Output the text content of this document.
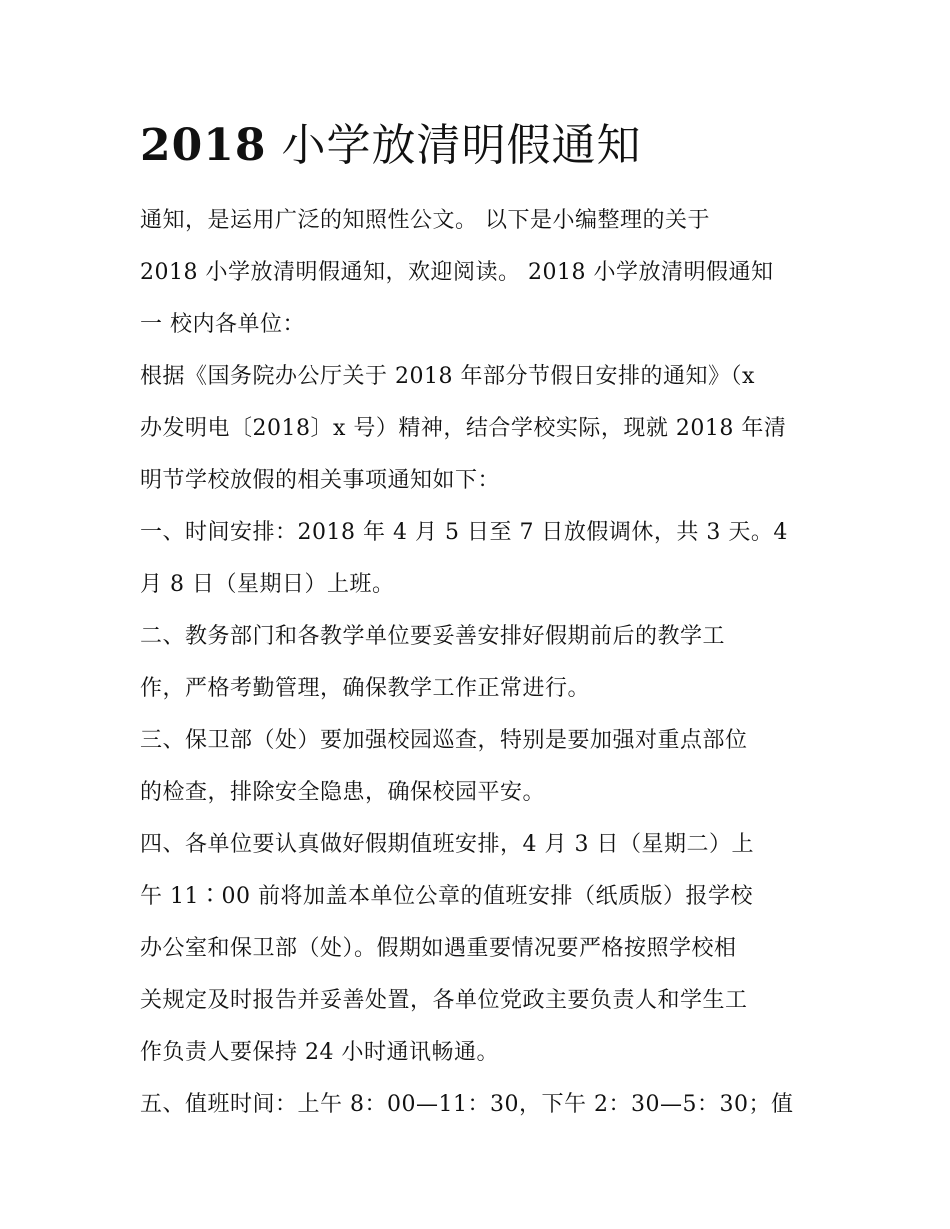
2018 小学放清明假通知
通知，是运用广泛的知照性公文。 以下是小编整理的关于
2018 小学放清明假通知，欢迎阅读。 2018 小学放清明假通知
一 校内各单位：
根据《国务院办公厅关于 2018 年部分节假日安排的通知》（x
办发明电〔2018〕x 号）精神，结合学校实际，现就 2018 年清
明节学校放假的相关事项通知如下：
一、时间安排：2018 年 4 月 5 日至 7 日放假调休，共 3 天。4
月 8 日（星期日）上班。
二、教务部门和各教学单位要妥善安排好假期前后的教学工
作，严格考勤管理，确保教学工作正常进行。
三、保卫部（处）要加强校园巡查，特别是要加强对重点部位
的检查，排除安全隐患，确保校园平安。
四、各单位要认真做好假期值班安排，4 月 3 日（星期二）上
午 11∶00 前将加盖本单位公章的值班安排（纸质版）报学校
办公室和保卫部（处）。假期如遇重要情况要严格按照学校相
关规定及时报告并妥善处置，各单位党政主要负责人和学生工
作负责人要保持 24 小时通讯畅通。
五、值班时间：上午 8：00—11：30，下午 2：30—5：30；值
